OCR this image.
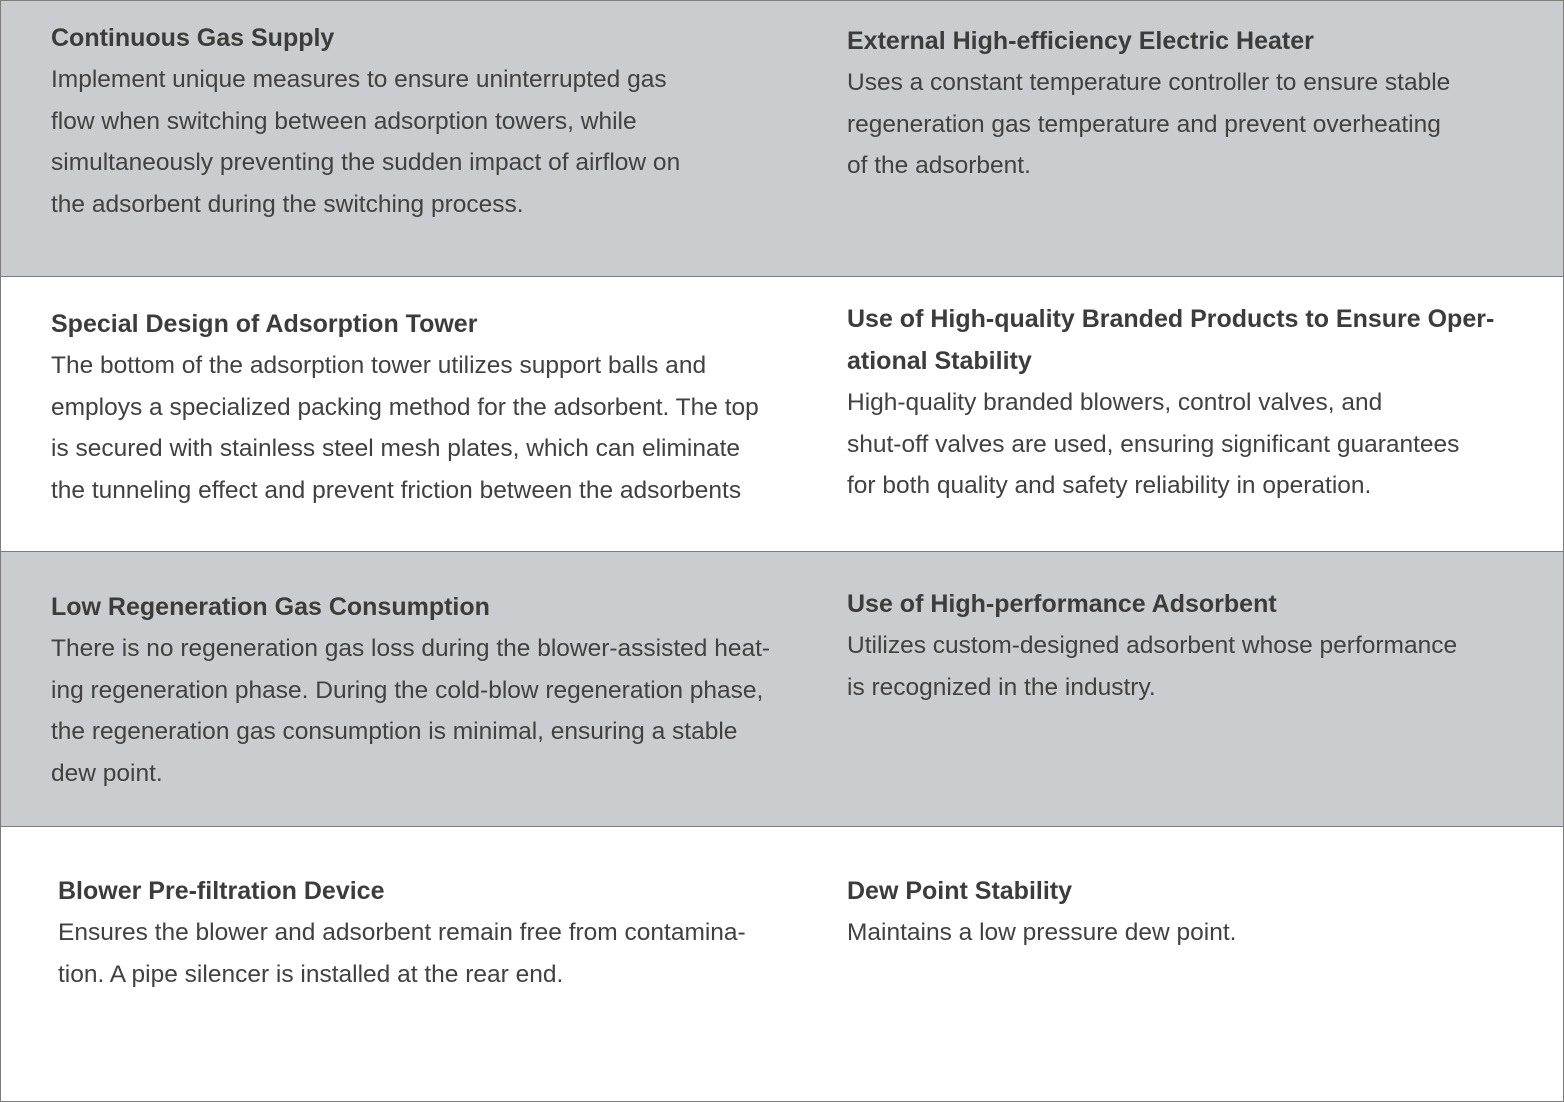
Continuous Gas Supply

Implement unique measures to ensure uninterrupted gas

flow when switching between adsorption towers, while

simultaneously preventing the sudden impact of airflow on

the adsorbent during the switching process.

External High-efficiency Electric Heater

Uses a constant temperature controller to ensure stable

regeneration gas temperature and prevent overheating

of the adsorbent.

Special Design of Adsorption Tower

The bottom of the adsorption tower utilizes support balls and

employs a specialized packing method for the adsorbent. The top

is secured with stainless steel mesh plates, which can eliminate

the tunneling effect and prevent friction between the adsorbents

Use of High-quality Branded Products to Ensure Oper-

ational Stability

High-quality branded blowers, control valves, and

shut-off valves are used, ensuring significant guarantees

for both quality and safety reliability in operation.

Low Regeneration Gas Consumption

There is no regeneration gas loss during the blower-assisted heat-

ing regeneration phase. During the cold-blow regeneration phase,

the regeneration gas consumption is minimal, ensuring a stable

dew point.

Use of High-performance Adsorbent

Utilizes custom-designed adsorbent whose performance

is recognized in the industry.

Blower Pre-filtration Device

Ensures the blower and adsorbent remain free from contamina-

tion. A pipe silencer is installed at the rear end.

Dew Point Stability

Maintains a low pressure dew point.
